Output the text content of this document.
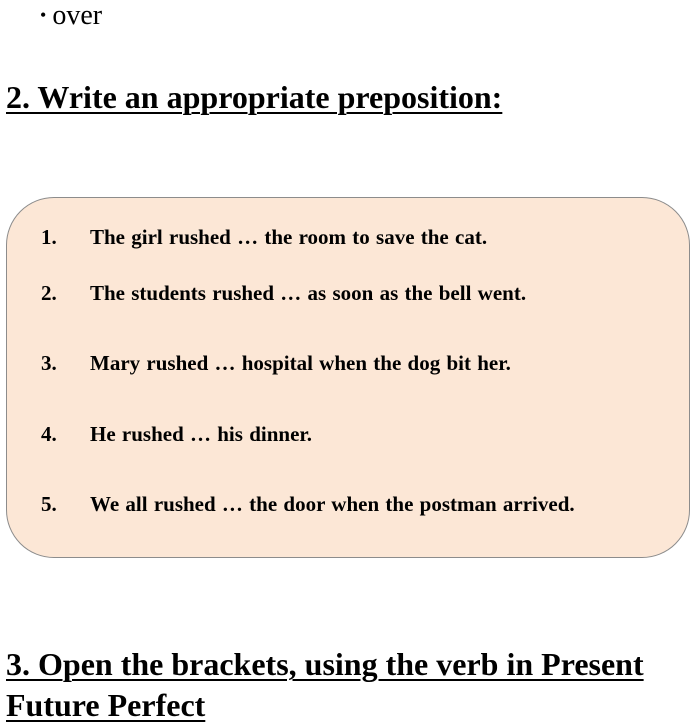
• over
2. Write an appropriate preposition:
1. The girl rushed … the room to save the cat.
2. The students rushed … as soon as the bell went.
3. Mary rushed … hospital when the dog bit her.
4. He rushed … his dinner.
5. We all rushed … the door when the postman arrived.
3. Open the brackets, using the verb in Present
Future Perfect
